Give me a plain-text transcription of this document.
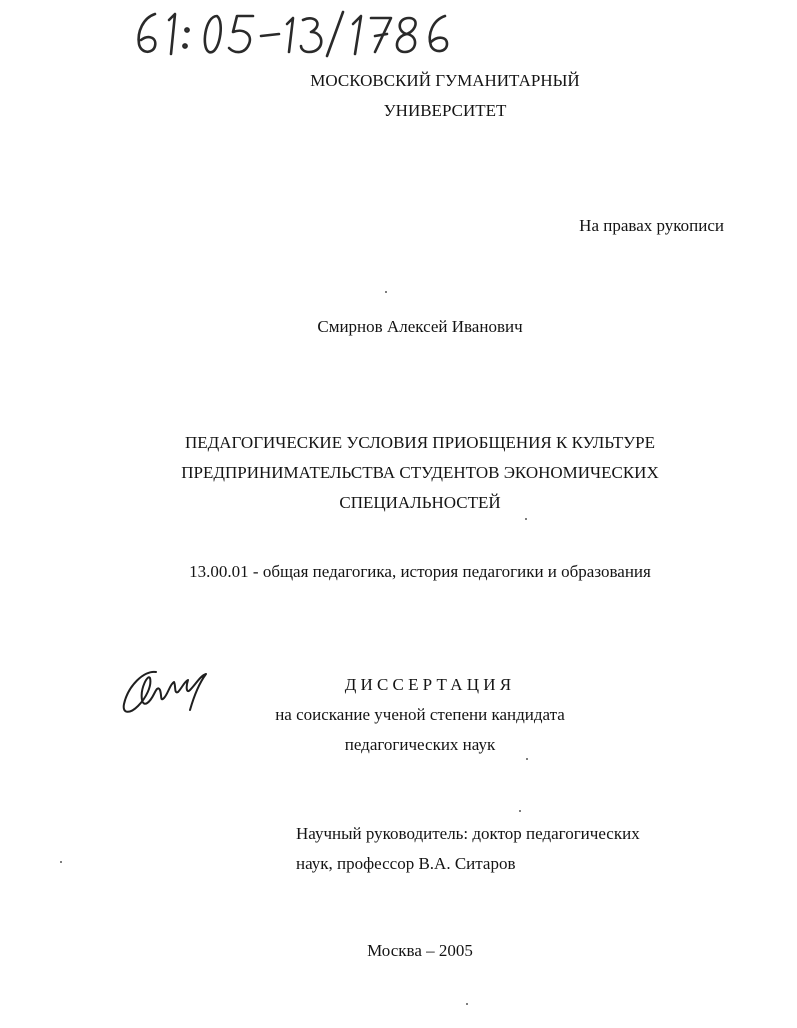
МОСКОВСКИЙ ГУМАНИТАРНЫЙ
УНИВЕРСИТЕТ
На правах рукописи
Смирнов Алексей Иванович
ПЕДАГОГИЧЕСКИЕ УСЛОВИЯ ПРИОБЩЕНИЯ К КУЛЬТУРЕ
ПРЕДПРИНИМАТЕЛЬСТВА СТУДЕНТОВ ЭКОНОМИЧЕСКИХ
СПЕЦИАЛЬНОСТЕЙ
13.00.01 - общая педагогика, история педагогики и образования
ДИССЕРТАЦИЯ
на соискание ученой степени кандидата
педагогических наук
Научный руководитель: доктор педагогических
наук, профессор В.А. Ситаров
Москва – 2005
